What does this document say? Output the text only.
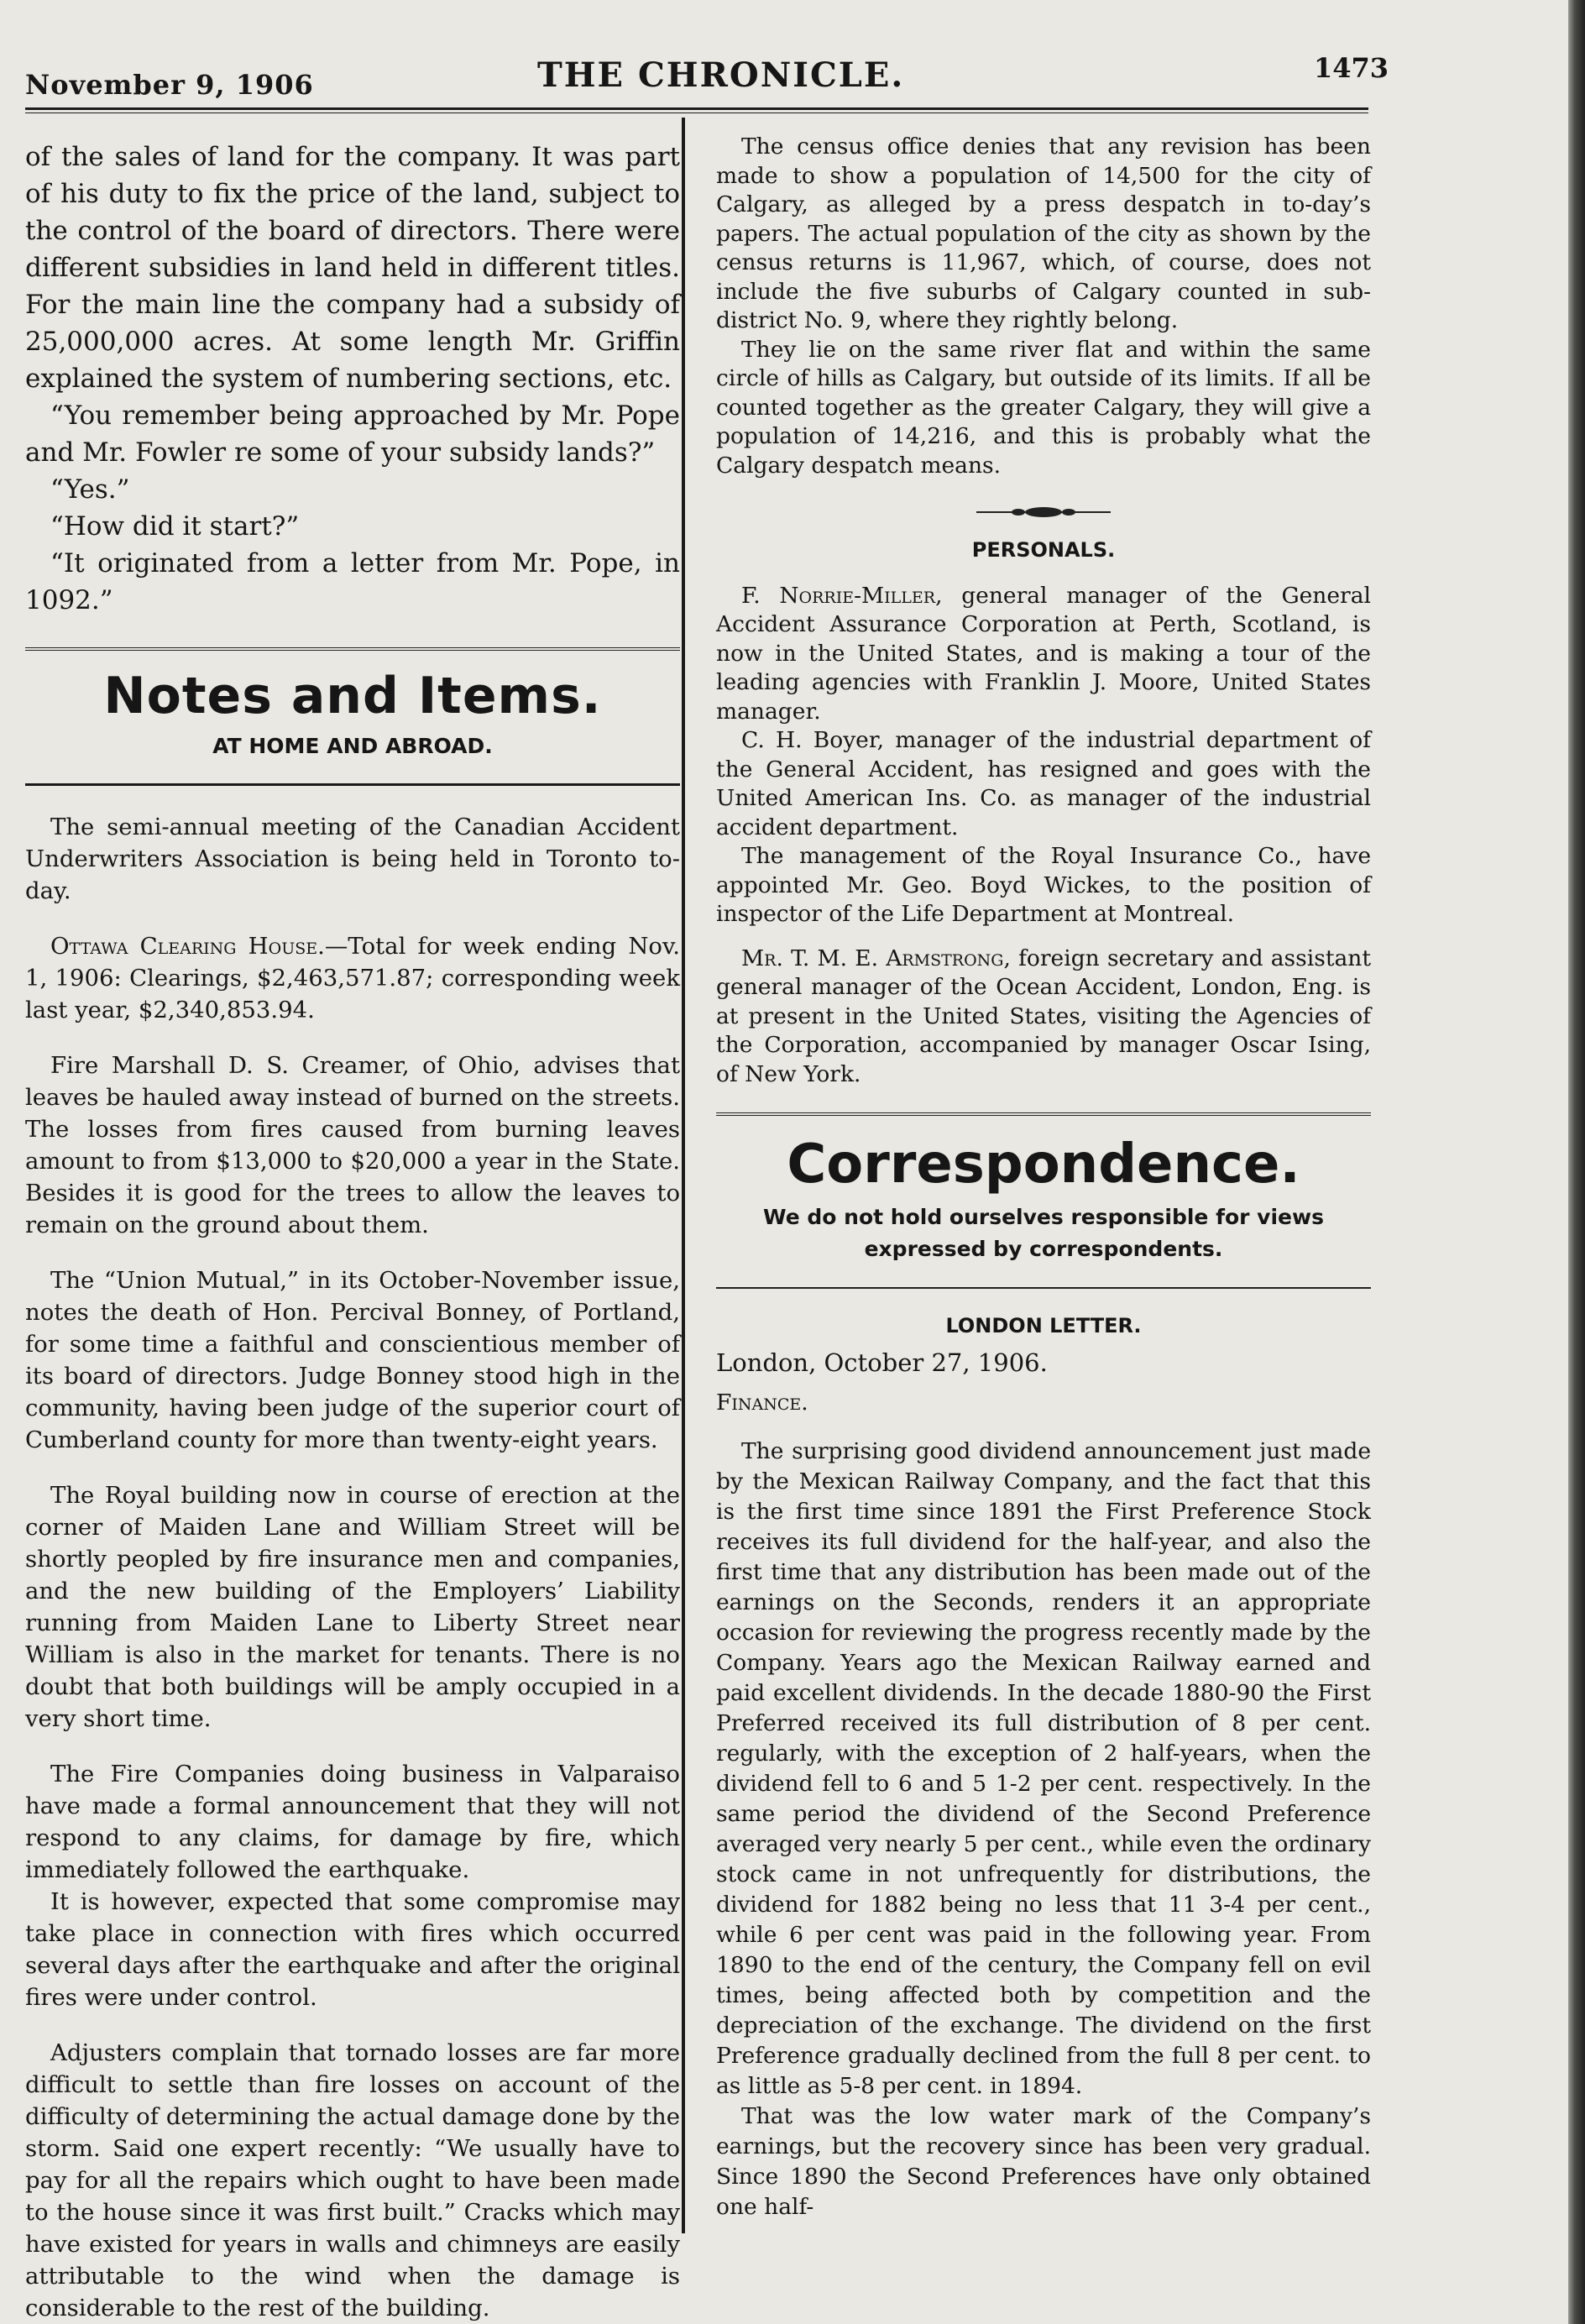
November 9, 1906	THE CHRONICLE.	1473

of the sales of land for the company. It was part of his duty to fix the price of the land, subject to the control of the board of directors. There were different subsidies in land held in different titles. For the main line the company had a subsidy of 25,000,000 acres. At some length Mr. Griffin explained the system of numbering sections, etc.

“You remember being approached by Mr. Pope and Mr. Fowler re some of your subsidy lands?”

“Yes.”

“How did it start?”

“It originated from a letter from Mr. Pope, in 1092.”

Notes and Items.
AT HOME AND ABROAD.

The semi-annual meeting of the Canadian Accident Underwriters Association is being held in Toronto to-day.

Ottawa Clearing House.—Total for week ending Nov. 1, 1906: Clearings, $2,463,571.87; corresponding week last year, $2,340,853.94.

Fire Marshall D. S. Creamer, of Ohio, advises that leaves be hauled away instead of burned on the streets. The losses from fires caused from burning leaves amount to from $13,000 to $20,000 a year in the State. Besides it is good for the trees to allow the leaves to remain on the ground about them.

The “Union Mutual,” in its October-November issue, notes the death of Hon. Percival Bonney, of Portland, for some time a faithful and conscientious member of its board of directors. Judge Bonney stood high in the community, having been judge of the superior court of Cumberland county for more than twenty-eight years.

The Royal building now in course of erection at the corner of Maiden Lane and William Street will be shortly peopled by fire insurance men and companies, and the new building of the Employers’ Liability running from Maiden Lane to Liberty Street near William is also in the market for tenants. There is no doubt that both buildings will be amply occupied in a very short time.

The Fire Companies doing business in Valparaiso have made a formal announcement that they will not respond to any claims, for damage by fire, which immediately followed the earthquake.

It is however, expected that some compromise may take place in connection with fires which occurred several days after the earthquake and after the original fires were under control.

Adjusters complain that tornado losses are far more difficult to settle than fire losses on account of the difficulty of determining the actual damage done by the storm. Said one expert recently: “We usually have to pay for all the repairs which ought to have been made to the house since it was first built.” Cracks which may have existed for years in walls and chimneys are easily attributable to the wind when the damage is considerable to the rest of the building.

The census office denies that any revision has been made to show a population of 14,500 for the city of Calgary, as alleged by a press despatch in to-day’s papers. The actual population of the city as shown by the census returns is 11,967, which, of course, does not include the five suburbs of Calgary counted in sub-district No. 9, where they rightly belong.

They lie on the same river flat and within the same circle of hills as Calgary, but outside of its limits. If all be counted together as the greater Calgary, they will give a population of 14,216, and this is probably what the Calgary despatch means.

PERSONALS.

F. Norrie-Miller, general manager of the General Accident Assurance Corporation at Perth, Scotland, is now in the United States, and is making a tour of the leading agencies with Franklin J. Moore, United States manager.

C. H. Boyer, manager of the industrial department of the General Accident, has resigned and goes with the United American Ins. Co. as manager of the industrial accident department.

The management of the Royal Insurance Co., have appointed Mr. Geo. Boyd Wickes, to the position of inspector of the Life Department at Montreal.

Mr. T. M. E. Armstrong, foreign secretary and assistant general manager of the Ocean Accident, London, Eng. is at present in the United States, visiting the Agencies of the Corporation, accompanied by manager Oscar Ising, of New York.

Correspondence.
We do not hold ourselves responsible for views expressed by correspondents.
LONDON LETTER.

London, October 27, 1906.

Finance.

The surprising good dividend announcement just made by the Mexican Railway Company, and the fact that this is the first time since 1891 the First Preference Stock receives its full dividend for the half-year, and also the first time that any distribution has been made out of the earnings on the Seconds, renders it an appropriate occasion for reviewing the progress recently made by the Company. Years ago the Mexican Railway earned and paid excellent dividends. In the decade 1880-90 the First Preferred received its full distribution of 8 per cent. regularly, with the exception of 2 half-years, when the dividend fell to 6 and 5 1-2 per cent. respectively. In the same period the dividend of the Second Preference averaged very nearly 5 per cent., while even the ordinary stock came in not unfrequently for distributions, the dividend for 1882 being no less that 11 3-4 per cent., while 6 per cent was paid in the following year. From 1890 to the end of the century, the Company fell on evil times, being affected both by competition and the depreciation of the exchange. The dividend on the first Preference gradually declined from the full 8 per cent. to as little as 5-8 per cent. in 1894.

That was the low water mark of the Company’s earnings, but the recovery since has been very gradual. Since 1890 the Second Preferences have only obtained one half-
